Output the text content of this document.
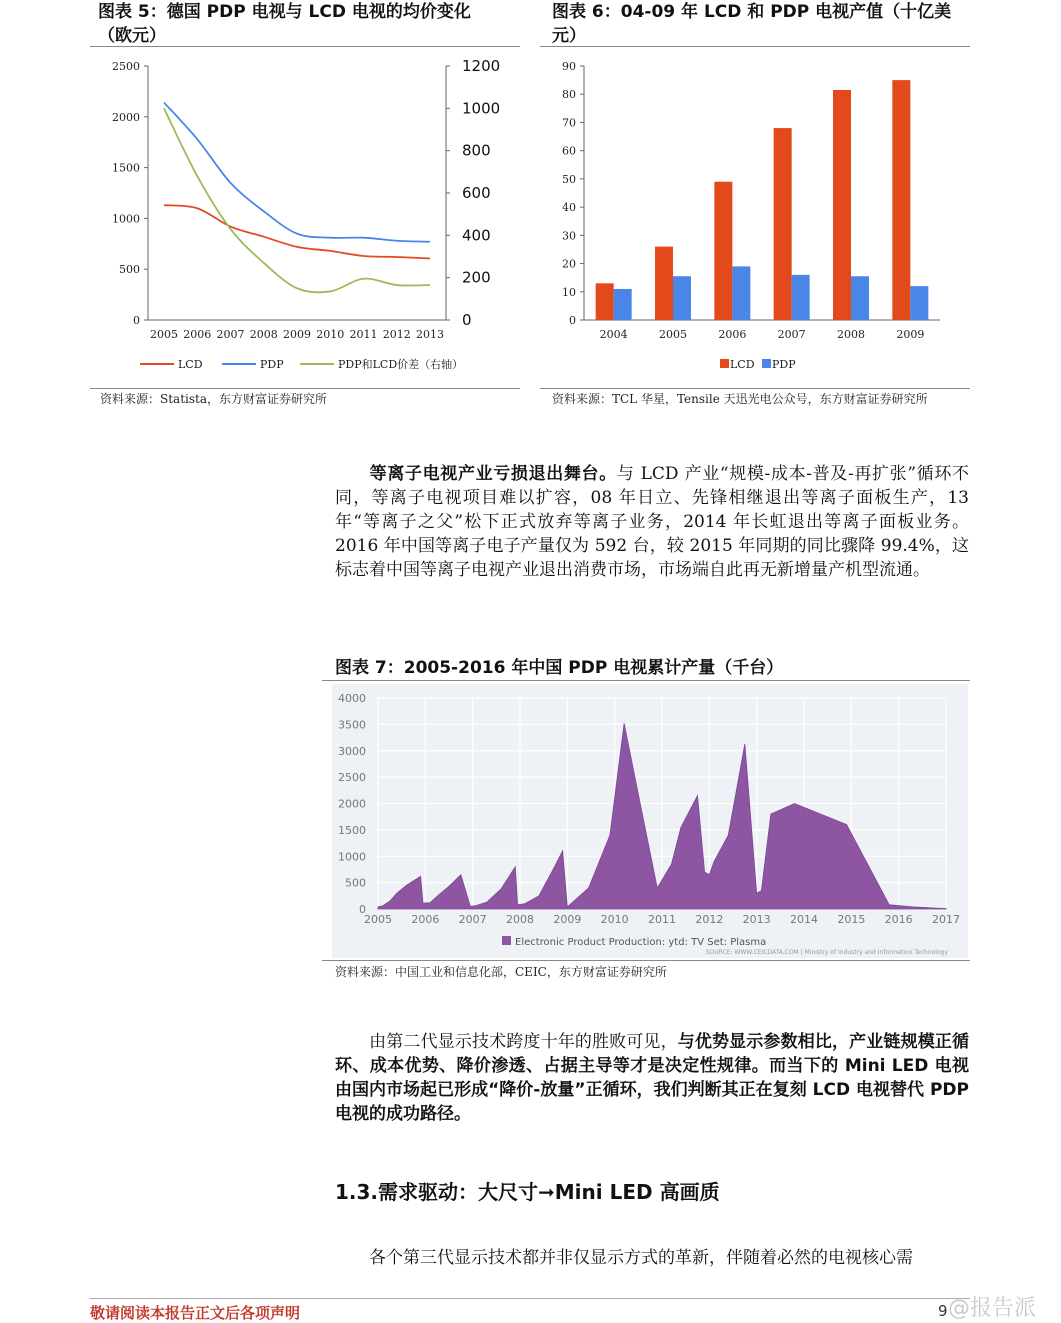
图表 5：德国 PDP 电视与 LCD 电视的均价变化
（欧元）
0
500
1000
1500
2000
2500
0
200
400
600
800
1000
1200
2005 2006 2007 2008 2009 2010 2011 2012 2013
LCD	PDP	PDP和LCD价差（右轴）
资料来源：Statista，东方财富证券研究所
图表 6：04-09 年 LCD 和 PDP 电视产值（十亿美
元）
0
10
20
30
40
50
60
70
80
90
2004	2005	2006	2007	2008	2009
LCD PDP
资料来源：TCL 华星，Tensile 天迅光电公众号，东方财富证券研究所
等离子电视产业亏损退出舞台。与 LCD 产业“规模-成本-普及-再扩张”循环不同，等离子电视项目难以扩容，08 年日立、先锋相继退出等离子面板生产，13 年“等离子之父”松下正式放弃等离子业务，2014 年长虹退出等离子面板业务。2016 年中国等离子电子产量仅为 592 台，较 2015 年同期的同比骤降 99.4%，这标志着中国等离子电视产业退出消费市场，市场端自此再无新增量产机型流通。
图表 7：2005-2016 年中国 PDP 电视累计产量（千台）
0
500
1000
1500
2000
2500
3000
3500
4000
2005 2006 2007 2008 2009 2010 2011 2012 2013 2014 2015 2016 2017
Electronic Product Production: ytd: TV Set: Plasma
SOURCE: WWW.CEICDATA.COM | Ministry of Industry and Information Technology
资料来源：中国工业和信息化部，CEIC，东方财富证券研究所
由第二代显示技术跨度十年的胜败可见，与优势显示参数相比，产业链规模正循环、成本优势、降价渗透、占据主导等才是决定性规律。而当下的 Mini LED 电视由国内市场起已形成“降价-放量”正循环，我们判断其正在复刻 LCD 电视替代 PDP 电视的成功路径。
1.3.需求驱动：大尺寸➞Mini LED 高画质
各个第三代显示技术都并非仅显示方式的革新，伴随着必然的电视核心需
敬请阅读本报告正文后各项声明	9 @报告派
